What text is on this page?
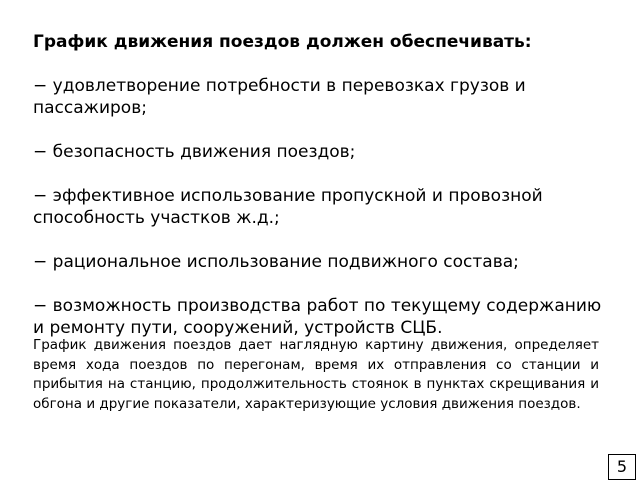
График движения поездов должен обеспечивать:
− удовлетворение потребности в перевозках грузов и пассажиров;
− безопасность движения поездов;
− эффективное использование пропускной и провозной способность участков ж.д.;
− рациональное использование подвижного состава;
− возможность производства работ по текущему содержанию и ремонту пути, сооружений, устройств СЦБ.
График движения поездов дает наглядную картину движения, определяет время хода поездов по перегонам, время их отправления со станции и прибытия на станцию, продолжительность стоянок в пунктах скрещивания и обгона и другие показатели, характеризующие условия движения поездов.
5
